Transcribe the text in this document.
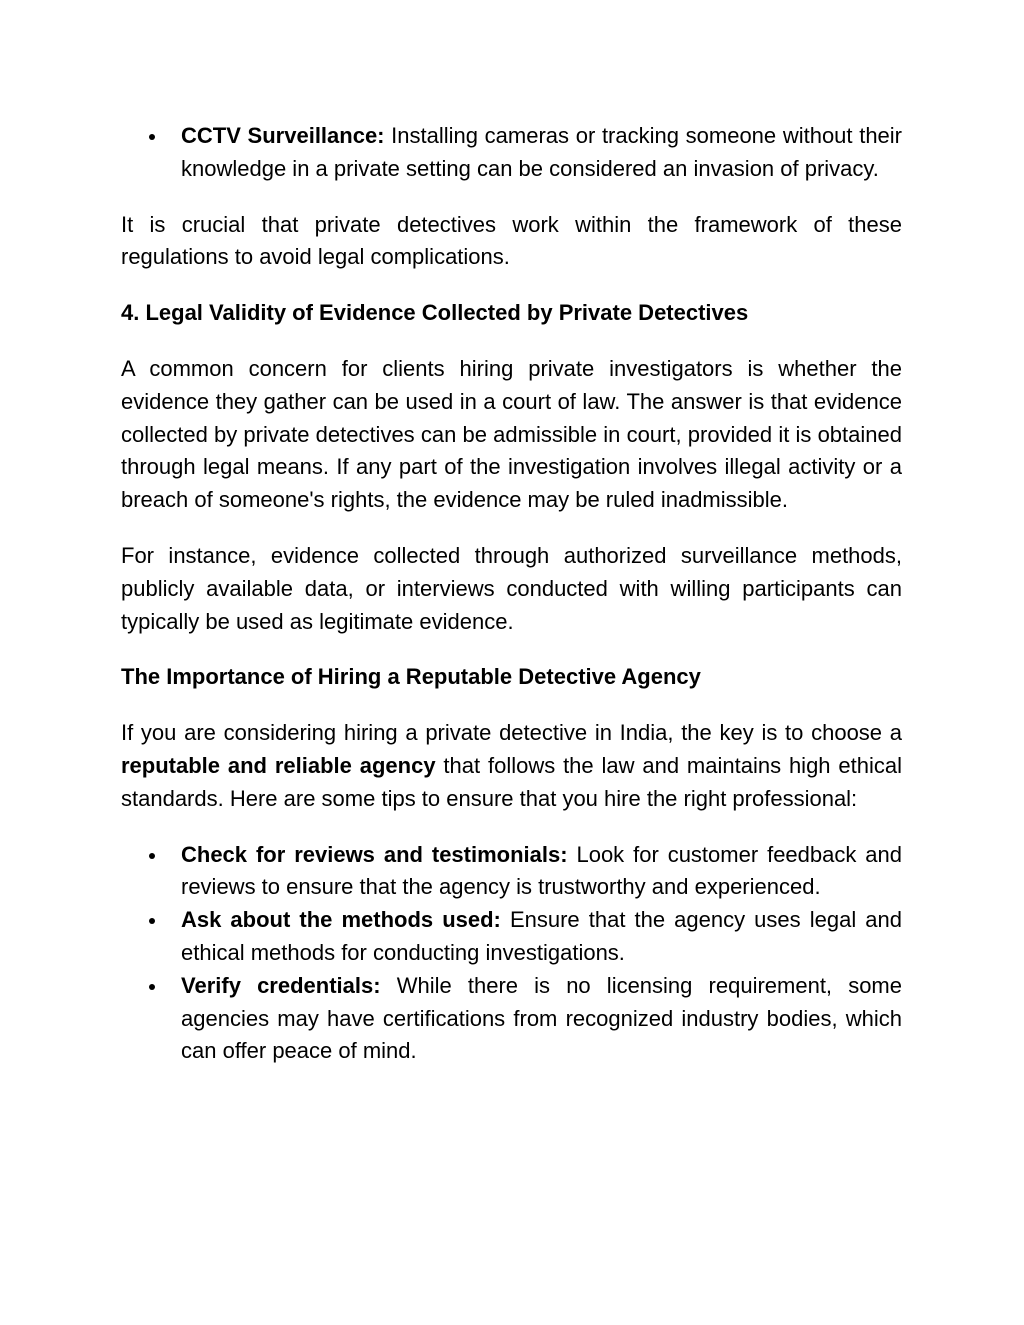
CCTV Surveillance: Installing cameras or tracking someone without their knowledge in a private setting can be considered an invasion of privacy.

It is crucial that private detectives work within the framework of these regulations to avoid legal complications.

4. Legal Validity of Evidence Collected by Private Detectives

A common concern for clients hiring private investigators is whether the evidence they gather can be used in a court of law. The answer is that evidence collected by private detectives can be admissible in court, provided it is obtained through legal means. If any part of the investigation involves illegal activity or a breach of someone's rights, the evidence may be ruled inadmissible.

For instance, evidence collected through authorized surveillance methods, publicly available data, or interviews conducted with willing participants can typically be used as legitimate evidence.

The Importance of Hiring a Reputable Detective Agency

If you are considering hiring a private detective in India, the key is to choose a reputable and reliable agency that follows the law and maintains high ethical standards. Here are some tips to ensure that you hire the right professional:

Check for reviews and testimonials: Look for customer feedback and reviews to ensure that the agency is trustworthy and experienced.
Ask about the methods used: Ensure that the agency uses legal and ethical methods for conducting investigations.
Verify credentials: While there is no licensing requirement, some agencies may have certifications from recognized industry bodies, which can offer peace of mind.
